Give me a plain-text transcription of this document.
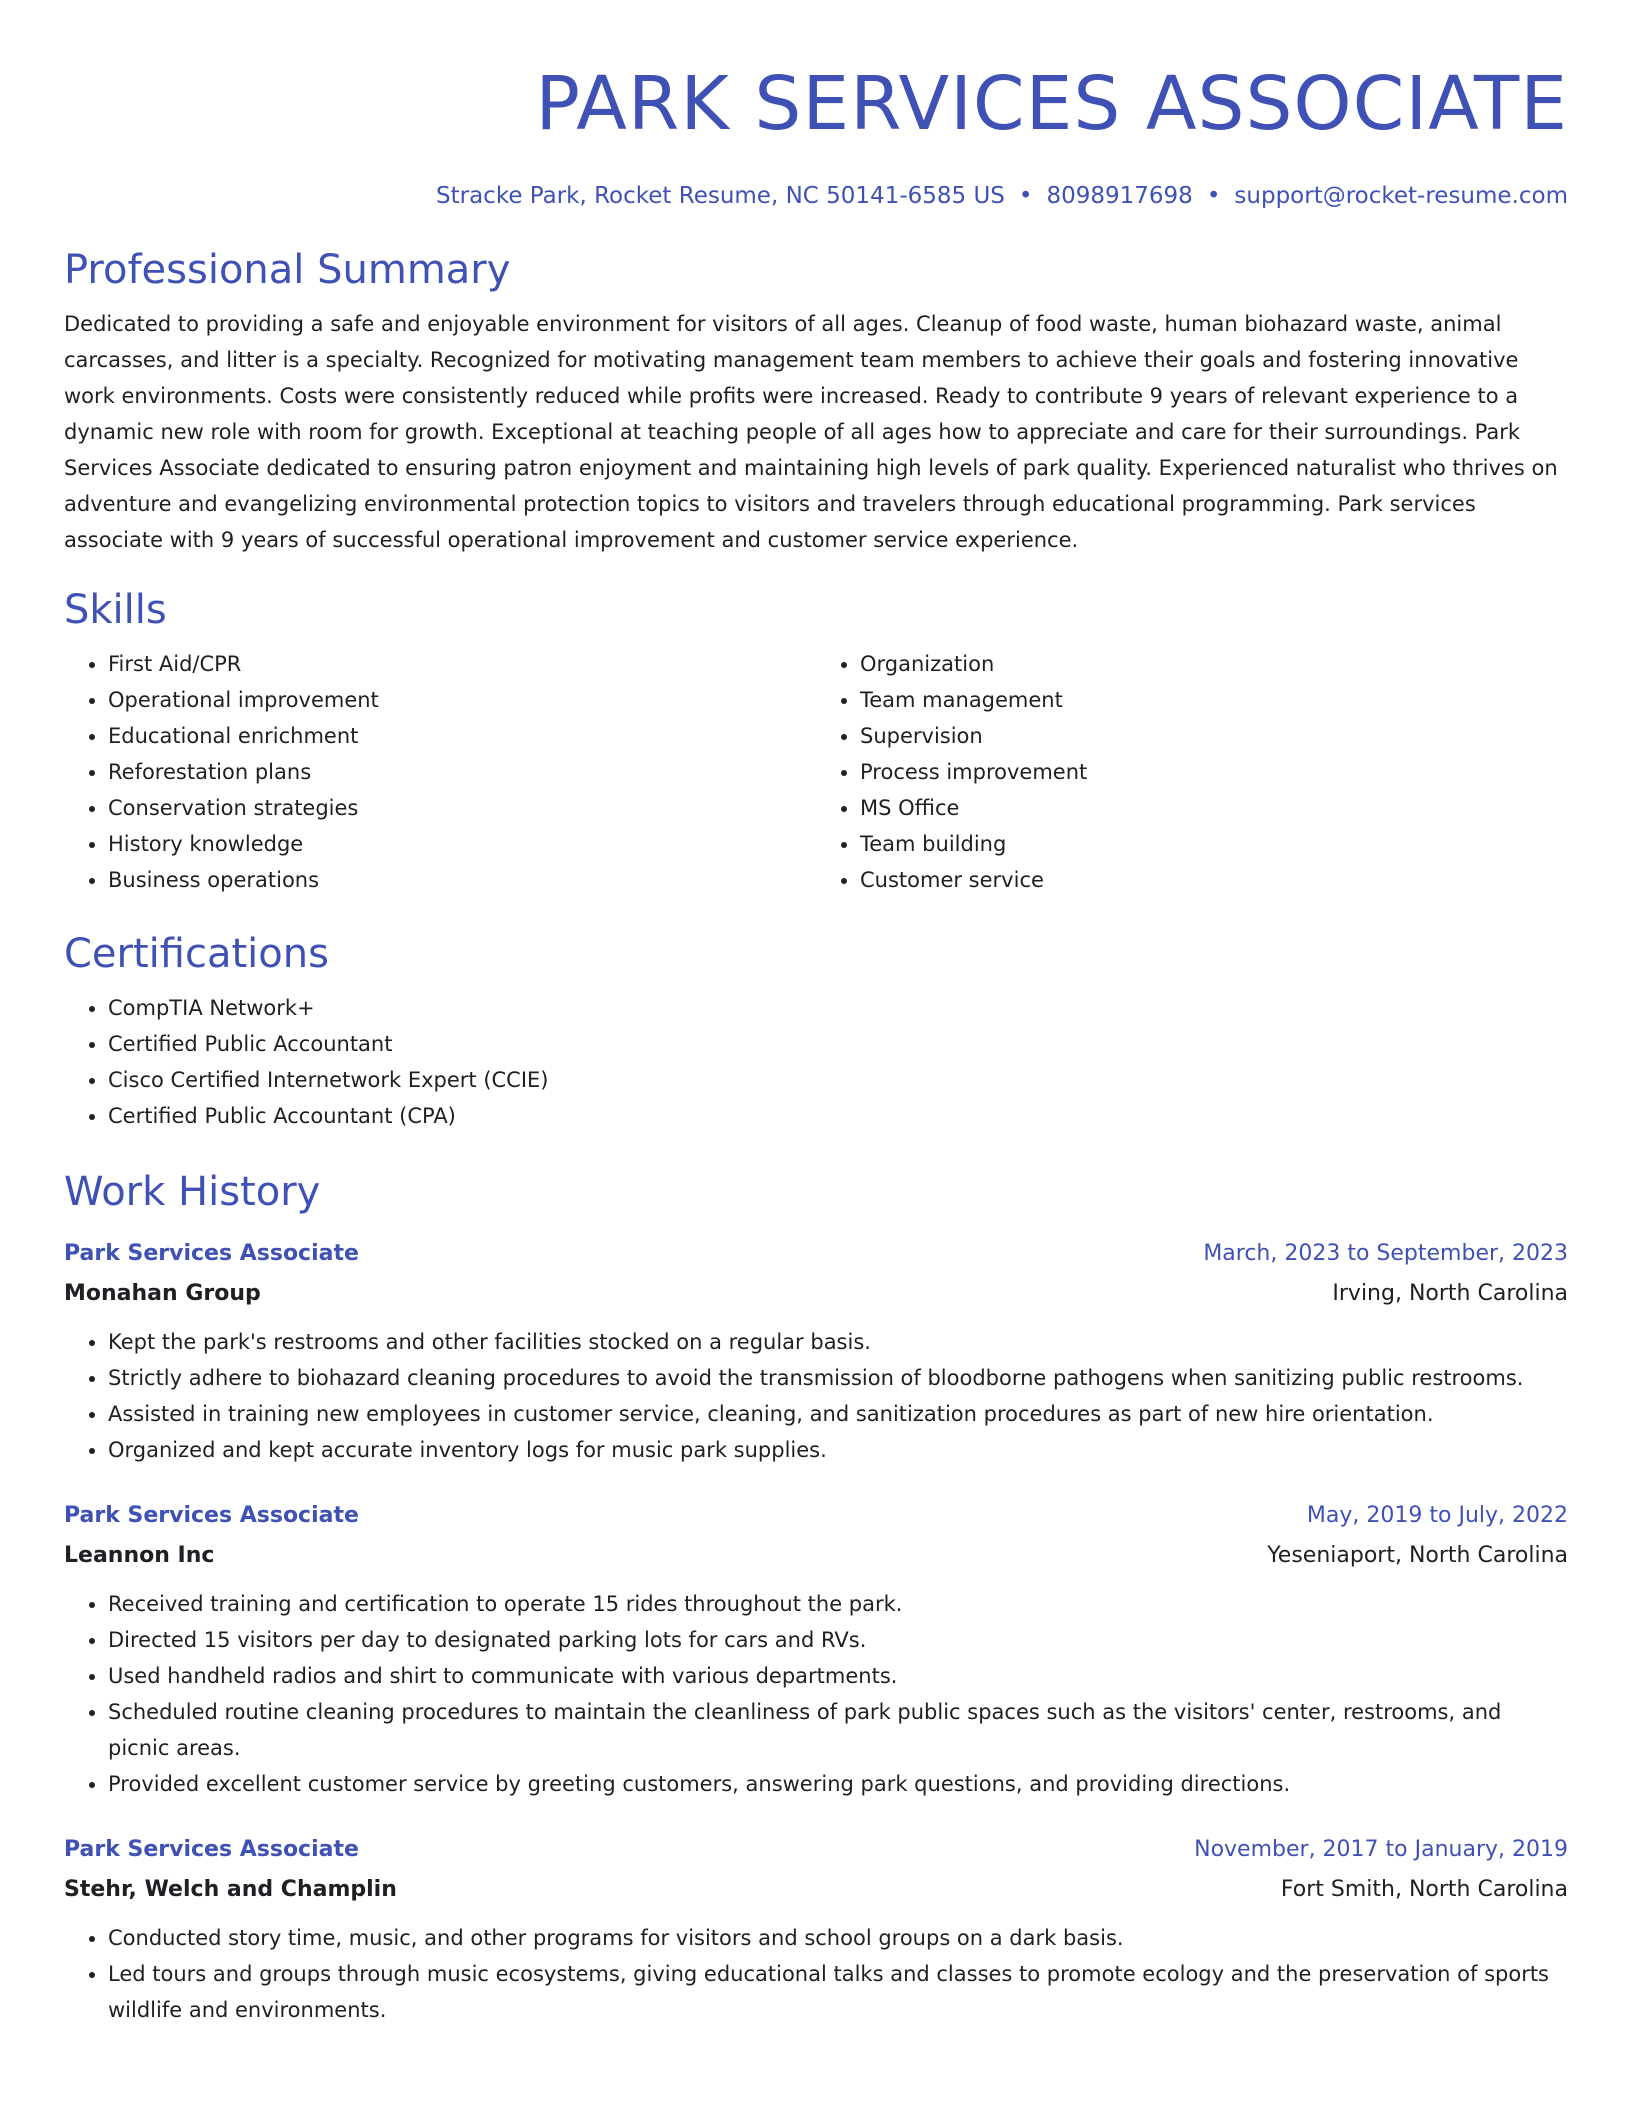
PARK SERVICES ASSOCIATE
Stracke Park, Rocket Resume, NC 50141-6585 US • 8098917698 • support@rocket-resume.com
Professional Summary

Dedicated to providing a safe and enjoyable environment for visitors of all ages. Cleanup of food waste, human biohazard waste, animal carcasses, and litter is a specialty. Recognized for motivating management team members to achieve their goals and fostering innovative work environments. Costs were consistently reduced while profits were increased. Ready to contribute 9 years of relevant experience to a dynamic new role with room for growth. Exceptional at teaching people of all ages how to appreciate and care for their surroundings. Park Services Associate dedicated to ensuring patron enjoyment and maintaining high levels of park quality. Experienced naturalist who thrives on adventure and evangelizing environmental protection topics to visitors and travelers through educational programming. Park services associate with 9 years of successful operational improvement and customer service experience.

Skills
• First Aid/CPR
• Operational improvement
• Educational enrichment
• Reforestation plans
• Conservation strategies
• History knowledge
• Business operations
• Organization
• Team management
• Supervision
• Process improvement
• MS Office
• Team building
• Customer service
Certifications
• CompTIA Network+
• Certified Public Accountant
• Cisco Certified Internetwork Expert (CCIE)
• Certified Public Accountant (CPA)
Work History
Park Services Associate	March, 2023 to September, 2023
Monahan Group	Irving, North Carolina
• Kept the park's restrooms and other facilities stocked on a regular basis.
• Strictly adhere to biohazard cleaning procedures to avoid the transmission of bloodborne pathogens when sanitizing public restrooms.
• Assisted in training new employees in customer service, cleaning, and sanitization procedures as part of new hire orientation.
• Organized and kept accurate inventory logs for music park supplies.
Park Services Associate	May, 2019 to July, 2022
Leannon Inc	Yeseniaport, North Carolina
• Received training and certification to operate 15 rides throughout the park.
• Directed 15 visitors per day to designated parking lots for cars and RVs.
• Used handheld radios and shirt to communicate with various departments.
• Scheduled routine cleaning procedures to maintain the cleanliness of park public spaces such as the visitors' center, restrooms, and picnic areas.
• Provided excellent customer service by greeting customers, answering park questions, and providing directions.
Park Services Associate	November, 2017 to January, 2019
Stehr, Welch and Champlin	Fort Smith, North Carolina
• Conducted story time, music, and other programs for visitors and school groups on a dark basis.
• Led tours and groups through music ecosystems, giving educational talks and classes to promote ecology and the preservation of sports wildlife and environments.
